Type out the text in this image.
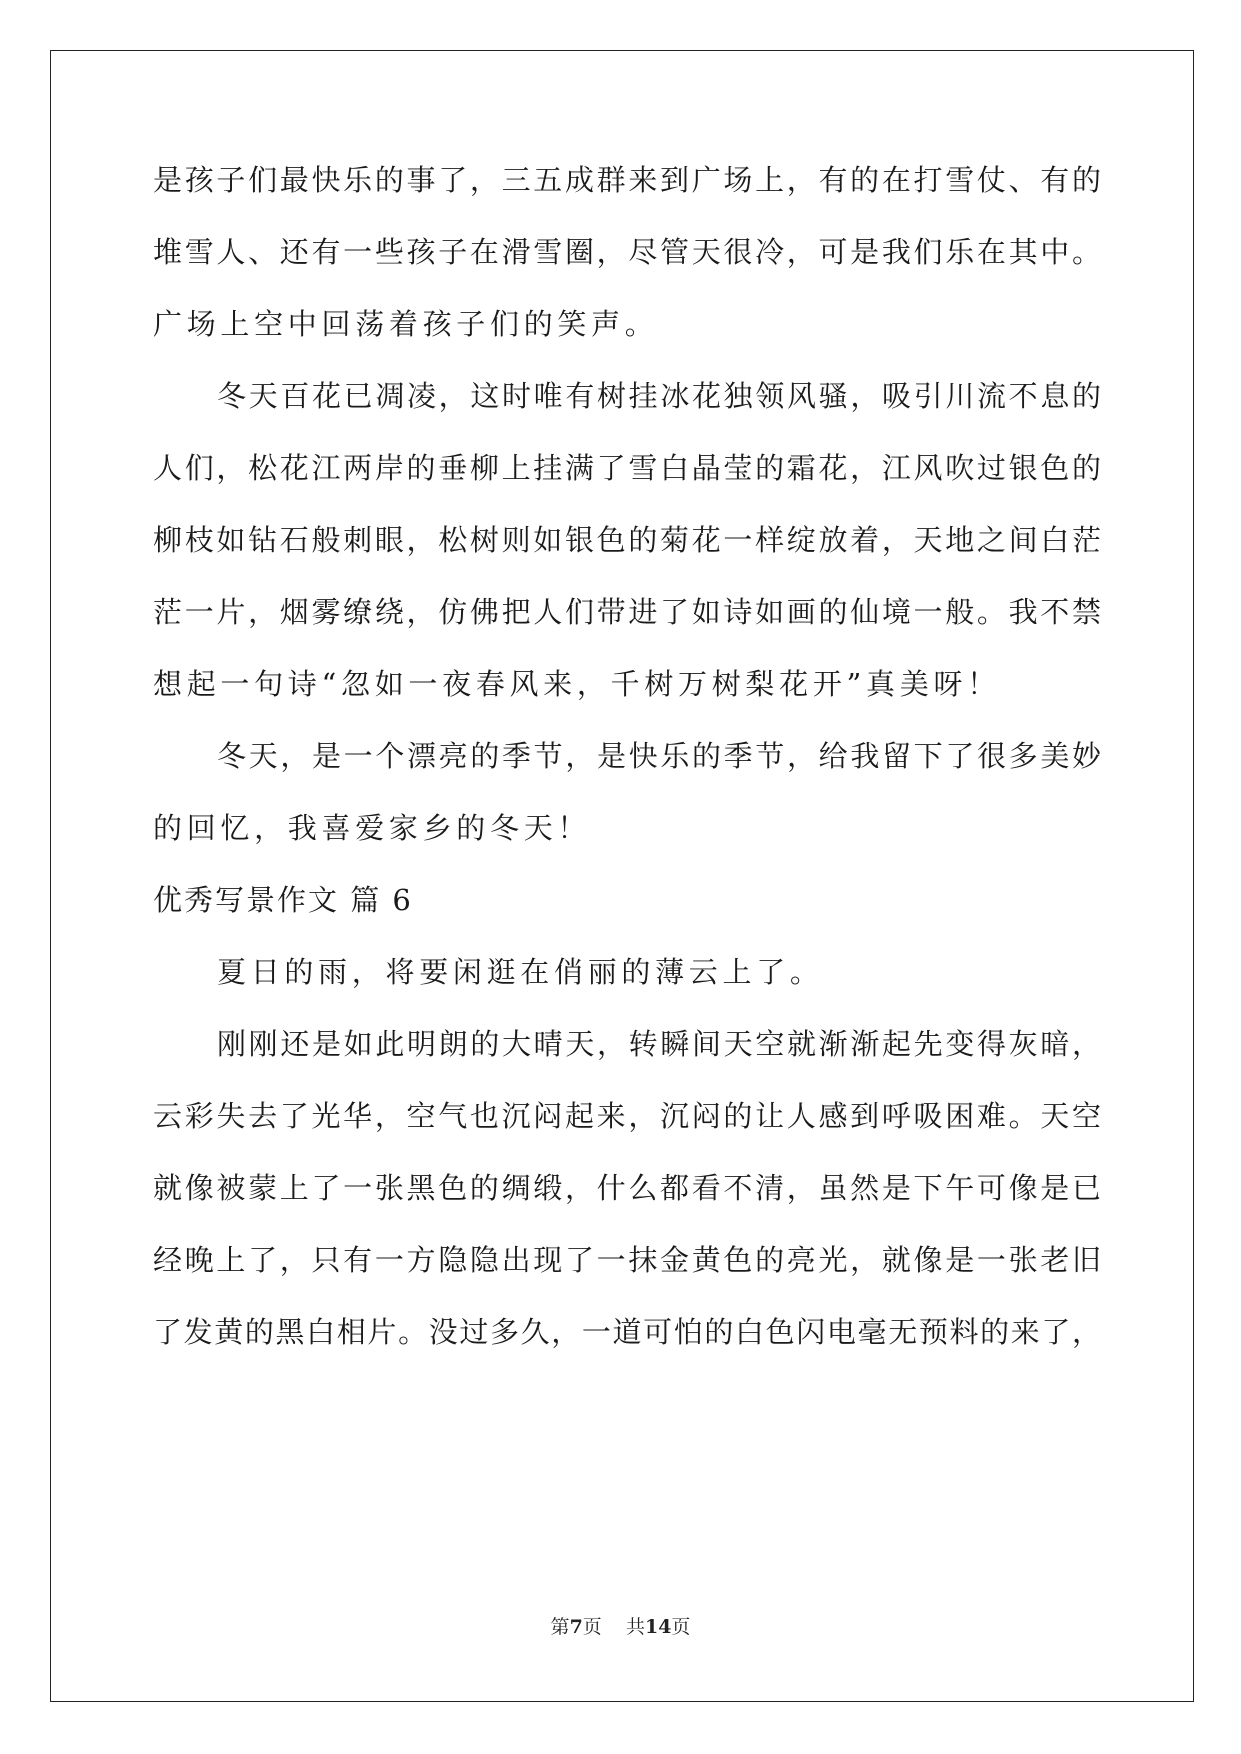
是孩子们最快乐的事了，三五成群来到广场上，有的在打雪仗、有的
堆雪人、还有一些孩子在滑雪圈，尽管天很冷，可是我们乐在其中。
广场上空中回荡着孩子们的笑声。
冬天百花已凋凌，这时唯有树挂冰花独领风骚，吸引川流不息的
人们，松花江两岸的垂柳上挂满了雪白晶莹的霜花，江风吹过银色的
柳枝如钻石般刺眼，松树则如银色的菊花一样绽放着，天地之间白茫
茫一片，烟雾缭绕，仿佛把人们带进了如诗如画的仙境一般。我不禁
想起一句诗“忽如一夜春风来，千树万树梨花开”真美呀！
冬天，是一个漂亮的季节，是快乐的季节，给我留下了很多美妙
的回忆，我喜爱家乡的冬天！
优秀写景作文 篇 6
夏日的雨，将要闲逛在俏丽的薄云上了。
刚刚还是如此明朗的大晴天，转瞬间天空就渐渐起先变得灰暗，
云彩失去了光华，空气也沉闷起来，沉闷的让人感到呼吸困难。天空
就像被蒙上了一张黑色的绸缎，什么都看不清，虽然是下午可像是已
经晚上了，只有一方隐隐出现了一抹金黄色的亮光，就像是一张老旧
了发黄的黑白相片。没过多久，一道可怕的白色闪电毫无预料的来了，
第7页    共14页
